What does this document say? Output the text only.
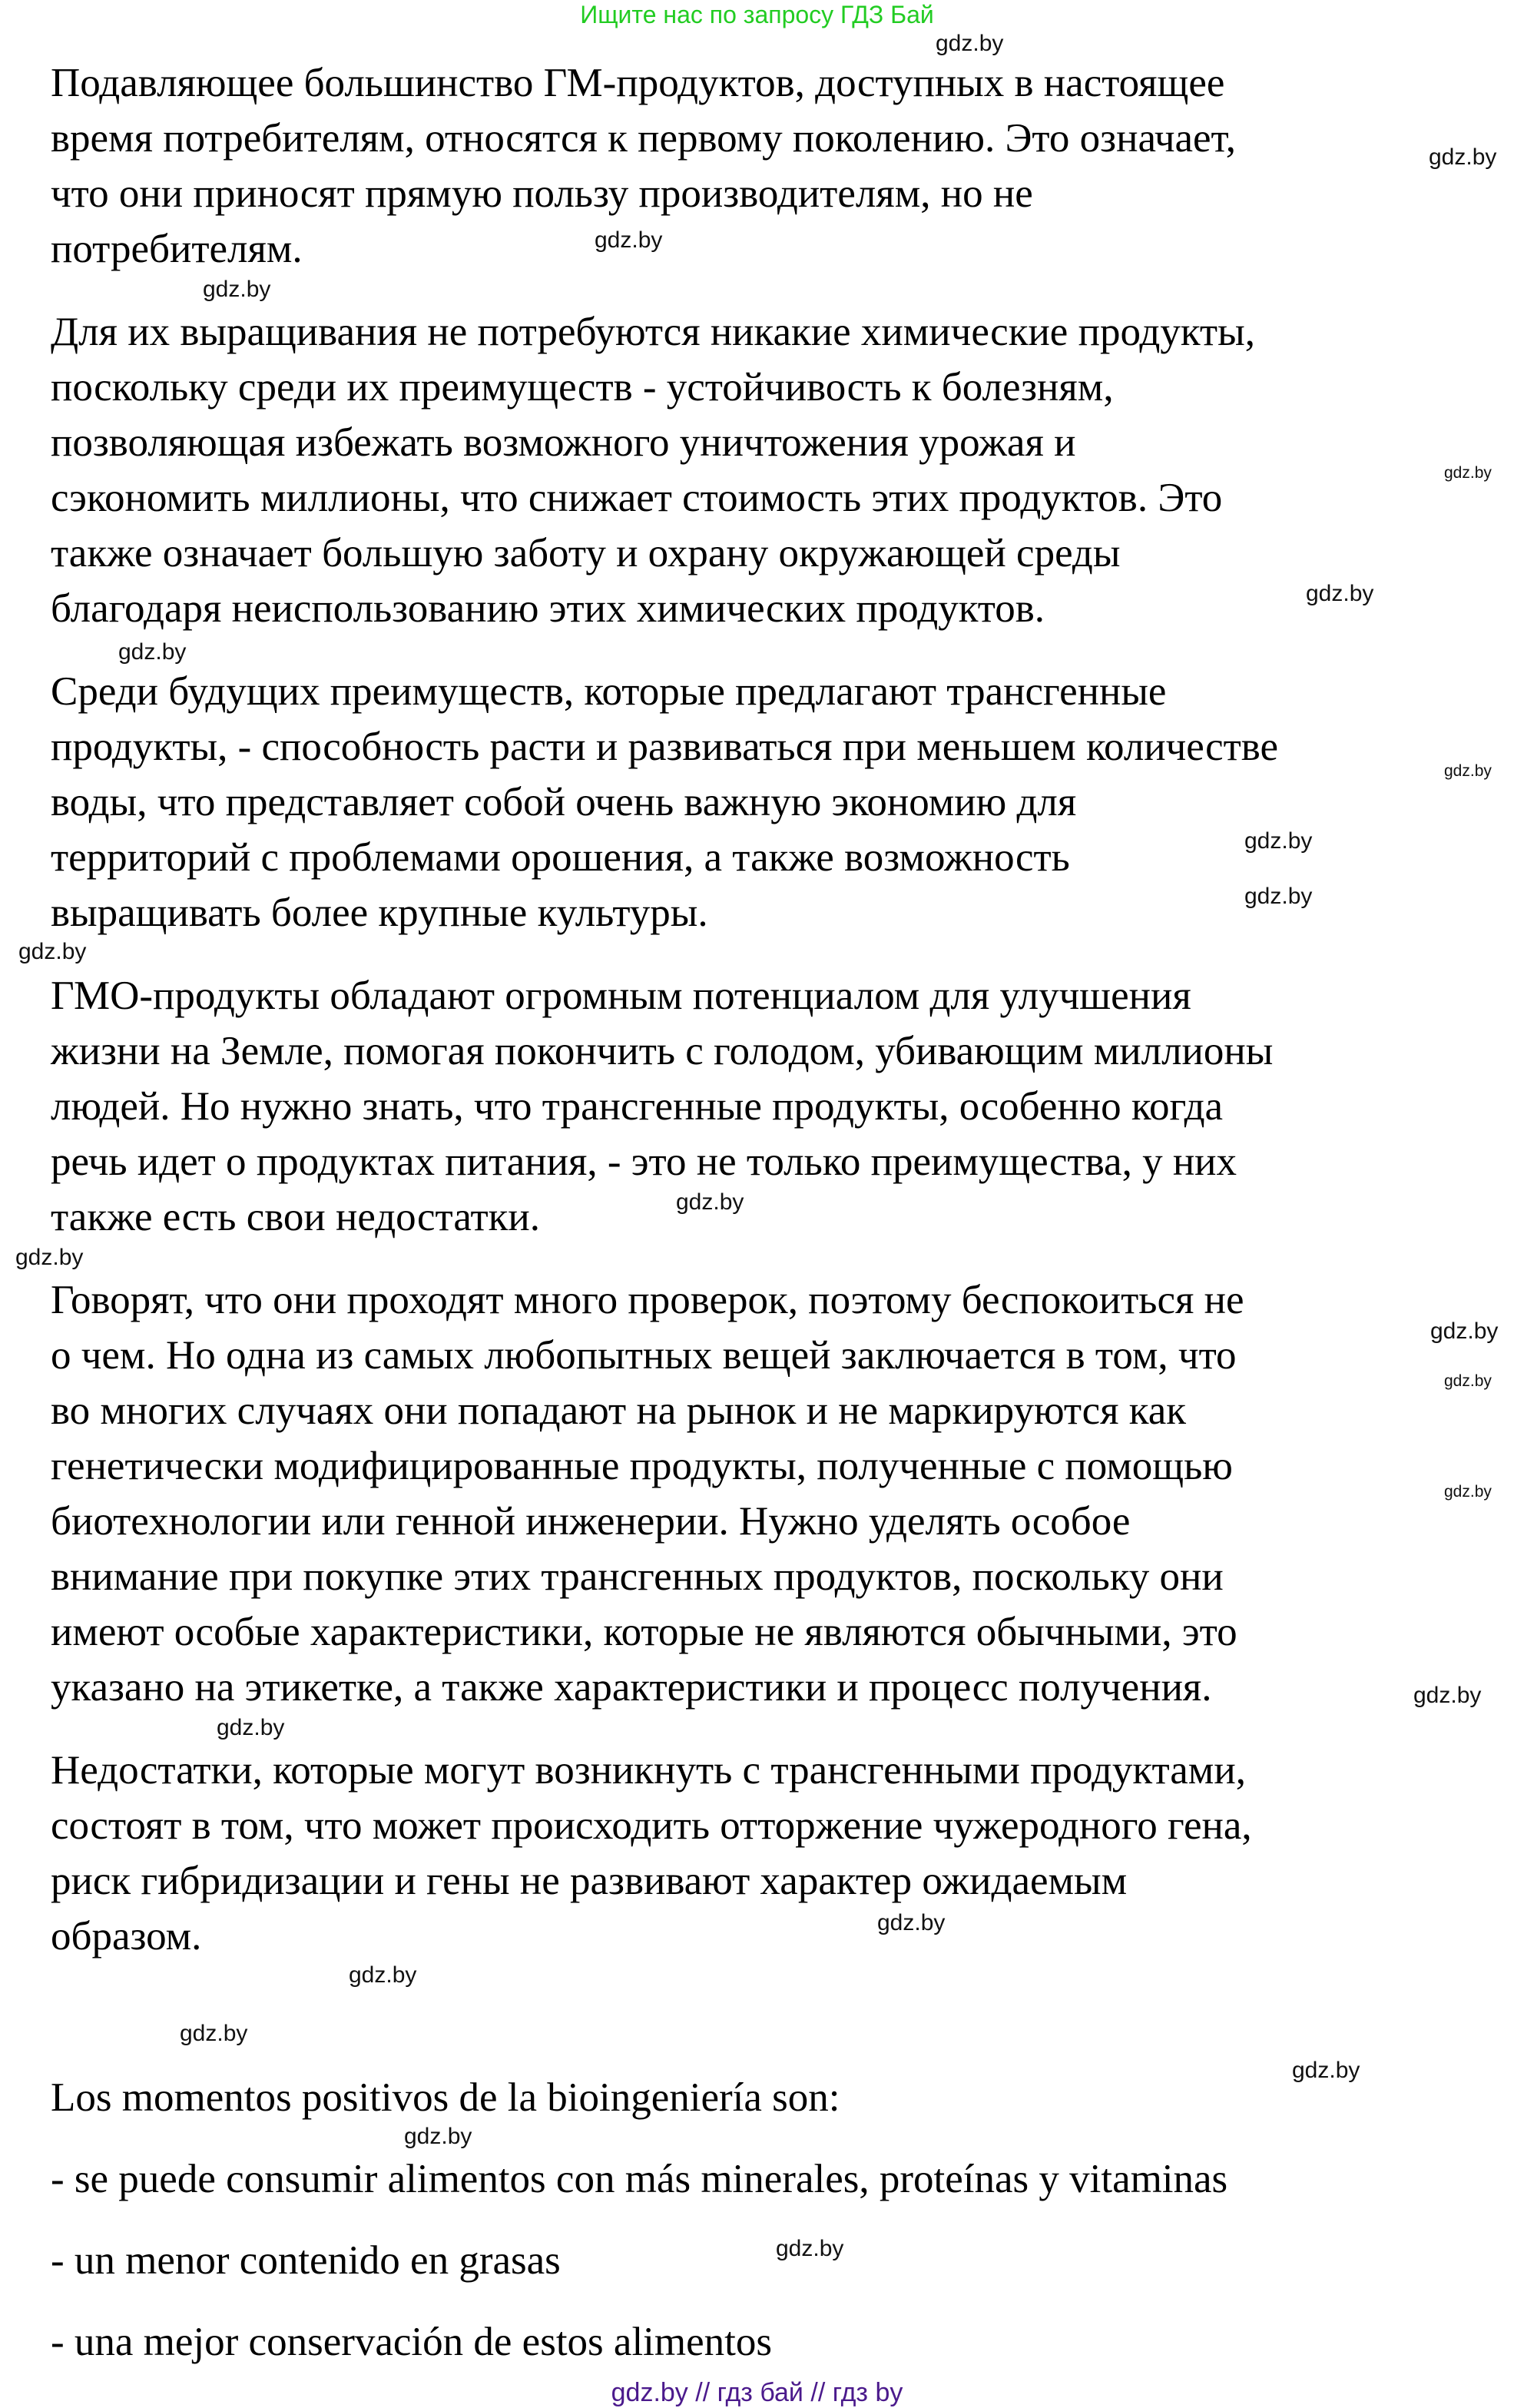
Ищите нас по запросу ГДЗ Бай
Подавляющее большинство ГМ-продуктов, доступных в настоящее
время потребителям, относятся к первому поколению. Это означает,
что они приносят прямую пользу производителям, но не
потребителям.
Для их выращивания не потребуются никакие химические продукты,
поскольку среди их преимуществ - устойчивость к болезням,
позволяющая избежать возможного уничтожения урожая и
сэкономить миллионы, что снижает стоимость этих продуктов. Это
также означает большую заботу и охрану окружающей среды
благодаря неиспользованию этих химических продуктов.
Среди будущих преимуществ, которые предлагают трансгенные
продукты, - способность расти и развиваться при меньшем количестве
воды, что представляет собой очень важную экономию для
территорий с проблемами орошения, а также возможность
выращивать более крупные культуры.
ГМО-продукты обладают огромным потенциалом для улучшения
жизни на Земле, помогая покончить с голодом, убивающим миллионы
людей. Но нужно знать, что трансгенные продукты, особенно когда
речь идет о продуктах питания, - это не только преимущества, у них
также есть свои недостатки.
Говорят, что они проходят много проверок, поэтому беспокоиться не
о чем. Но одна из самых любопытных вещей заключается в том, что
во многих случаях они попадают на рынок и не маркируются как
генетически модифицированные продукты, полученные с помощью
биотехнологии или генной инженерии. Нужно уделять особое
внимание при покупке этих трансгенных продуктов, поскольку они
имеют особые характеристики, которые не являются обычными, это
указано на этикетке, а также характеристики и процесс получения.
Недостатки, которые могут возникнуть с трансгенными продуктами,
состоят в том, что может происходить отторжение чужеродного гена,
риск гибридизации и гены не развивают характер ожидаемым
образом.
Los momentos positivos de la bioingeniería son:
- se puede consumir alimentos con más minerales, proteínas y vitaminas
- un menor contenido en grasas
- una mejor conservación de estos alimentos
gdz.by
gdz.by
gdz.by
gdz.by
gdz.by
gdz.by
gdz.by
gdz.by
gdz.by
gdz.by
gdz.by
gdz.by
gdz.by
gdz.by
gdz.by
gdz.by
gdz.by
gdz.by
gdz.by
gdz.by
gdz.by
gdz.by
gdz.by
gdz.by
gdz.by // гдз бай // гдз by
